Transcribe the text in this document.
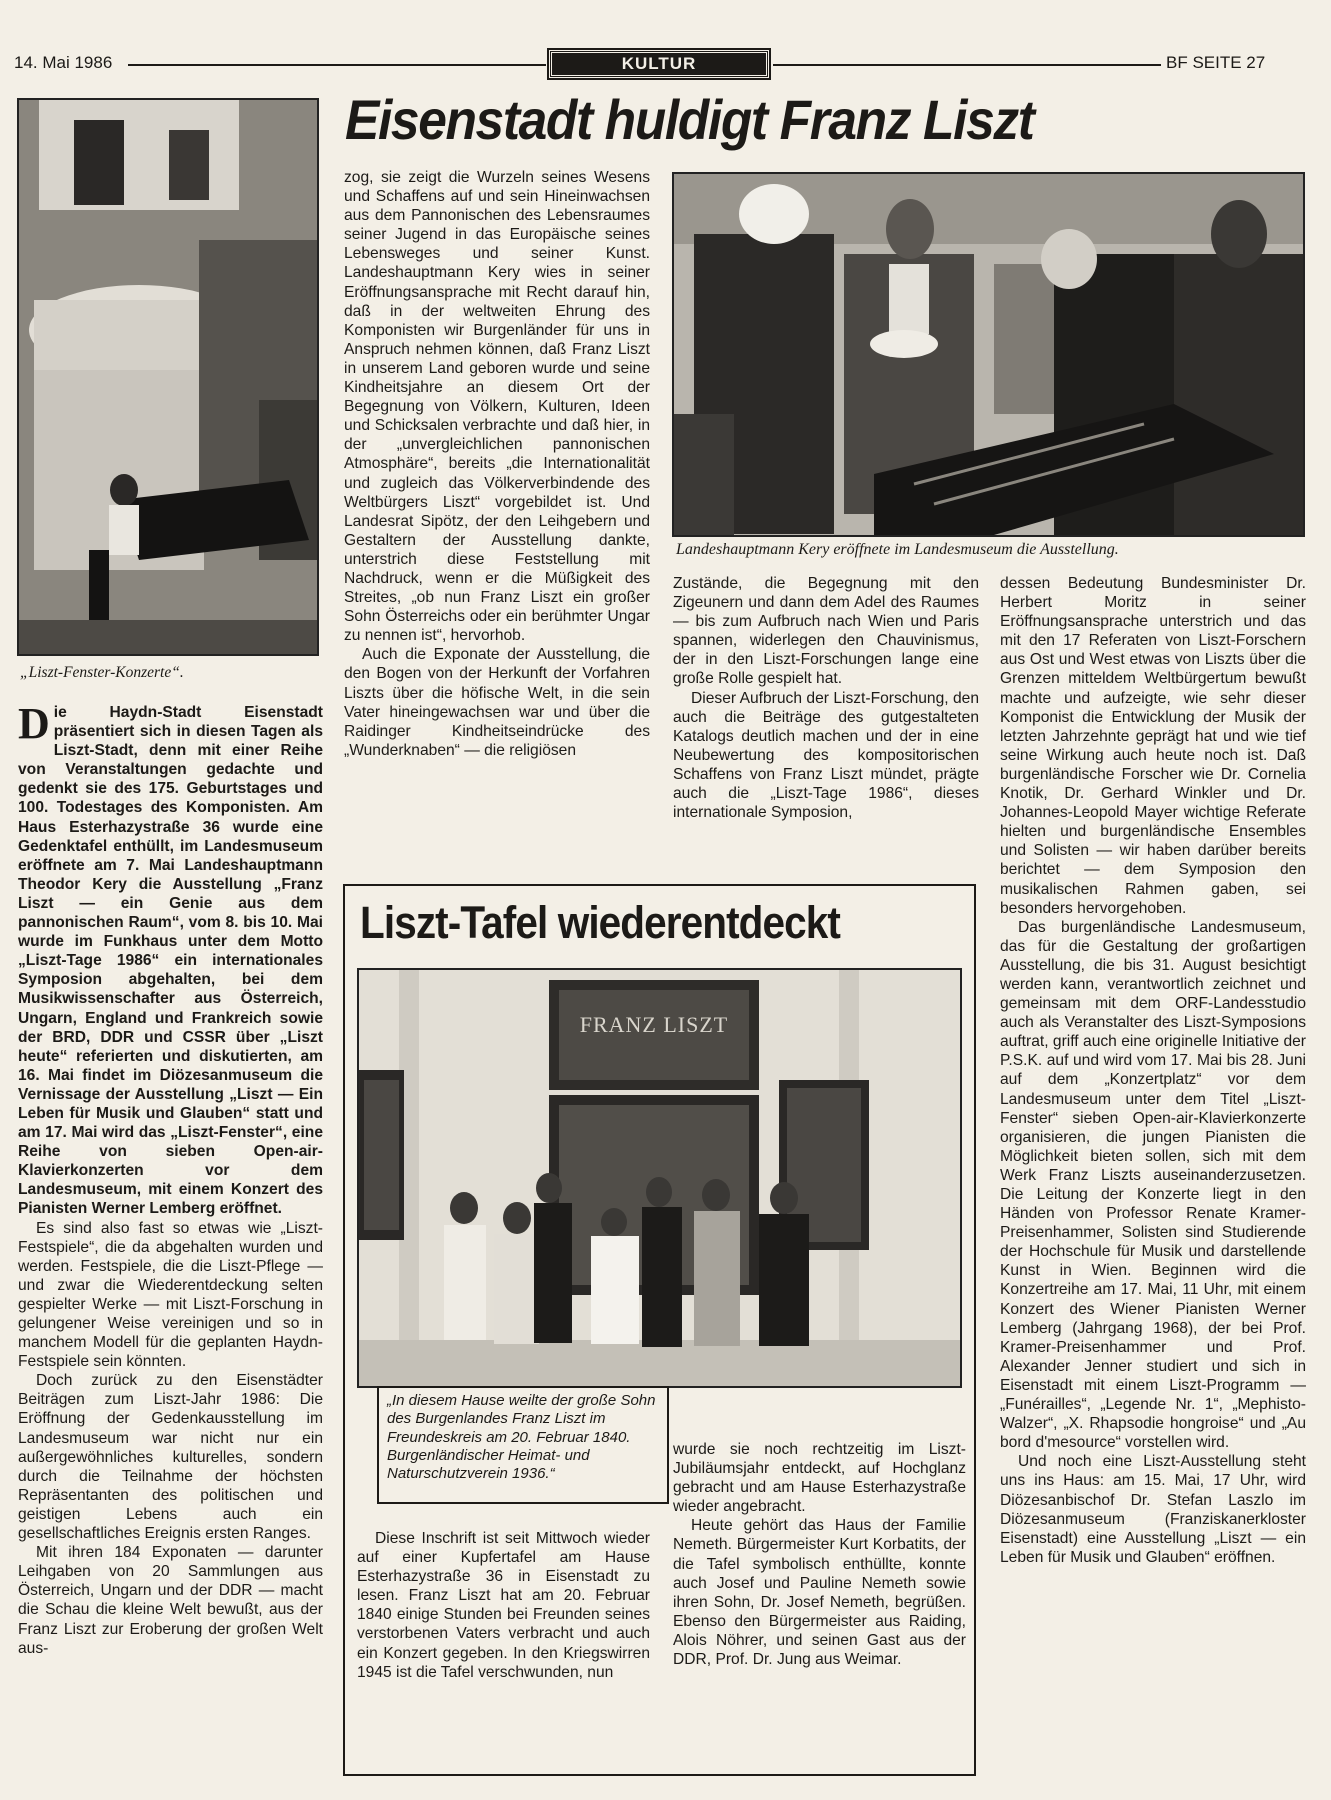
14. Mai 1986	KULTUR	BF SEITE 27
Eisenstadt huldigt Franz Liszt
„Liszt-Fenster-Konzerte“.
Landeshauptmann Kery eröffnete im Landesmuseum die Ausstellung.

Die Haydn-Stadt Eisenstadt präsentiert sich in diesen Tagen als Liszt-Stadt, denn mit einer Reihe von Veranstaltungen gedachte und gedenkt sie des 175. Geburtstages und 100. Todestages des Komponisten. Am Haus Esterhazystraße 36 wurde eine Gedenktafel enthüllt, im Landesmuseum eröffnete am 7. Mai Landeshauptmann Theodor Kery die Ausstellung „Franz Liszt — ein Genie aus dem pannonischen Raum“, vom 8. bis 10. Mai wurde im Funkhaus unter dem Motto „Liszt-Tage 1986“ ein internationales Symposion abgehalten, bei dem Musikwissenschafter aus Österreich, Ungarn, England und Frankreich sowie der BRD, DDR und CSSR über „Liszt heute“ referierten und diskutierten, am 16. Mai findet im Diözesanmuseum die Vernissage der Ausstellung „Liszt — Ein Leben für Musik und Glauben“ statt und am 17. Mai wird das „Liszt-Fenster“, eine Reihe von sieben Open-air-Klavierkonzerten vor dem Landesmuseum, mit einem Konzert des Pianisten Werner Lemberg eröffnet.

Es sind also fast so etwas wie „Liszt-Festspiele“, die da abgehalten wurden und werden. Festspiele, die die Liszt-Pflege — und zwar die Wiederentdeckung selten gespielter Werke — mit Liszt-Forschung in gelungener Weise vereinigen und so in manchem Modell für die geplanten Haydn-Festspiele sein könnten.

Doch zurück zu den Eisenstädter Beiträgen zum Liszt-Jahr 1986: Die Eröffnung der Gedenkausstellung im Landesmuseum war nicht nur ein außergewöhnliches kulturelles, sondern durch die Teilnahme der höchsten Repräsentanten des politischen und geistigen Lebens auch ein gesellschaftliches Ereignis ersten Ranges.

Mit ihren 184 Exponaten — darunter Leihgaben von 20 Sammlungen aus Österreich, Ungarn und der DDR — macht die Schau die kleine Welt bewußt, aus der Franz Liszt zur Eroberung der großen Welt aus-

zog, sie zeigt die Wurzeln seines Wesens und Schaffens auf und sein Hineinwachsen aus dem Pannonischen des Lebensraumes seiner Jugend in das Europäische seines Lebensweges und seiner Kunst. Landeshauptmann Kery wies in seiner Eröffnungsansprache mit Recht darauf hin, daß in der weltweiten Ehrung des Komponisten wir Burgenländer für uns in Anspruch nehmen können, daß Franz Liszt in unserem Land geboren wurde und seine Kindheitsjahre an diesem Ort der Begegnung von Völkern, Kulturen, Ideen und Schicksalen verbrachte und daß hier, in der „unvergleichlichen pannonischen Atmosphäre“, bereits „die Internationalität und zugleich das Völkerverbindende des Weltbürgers Liszt“ vorgebildet ist. Und Landesrat Sipötz, der den Leihgebern und Gestaltern der Ausstellung dankte, unterstrich diese Feststellung mit Nachdruck, wenn er die Müßigkeit des Streites, „ob nun Franz Liszt ein großer Sohn Österreichs oder ein berühmter Ungar zu nennen ist“, hervorhob.

Auch die Exponate der Ausstellung, die den Bogen von der Herkunft der Vorfahren Liszts über die höfische Welt, in die sein Vater hineingewachsen war und über die Raidinger Kindheitseindrücke des „Wunderknaben“ — die religiösen

Zustände, die Begegnung mit den Zigeunern und dann dem Adel des Raumes — bis zum Aufbruch nach Wien und Paris spannen, widerlegen den Chauvinismus, der in den Liszt-Forschungen lange eine große Rolle gespielt hat.

Dieser Aufbruch der Liszt-Forschung, den auch die Beiträge des gutgestalteten Katalogs deutlich machen und der in eine Neubewertung des kompositorischen Schaffens von Franz Liszt mündet, prägte auch die „Liszt-Tage 1986“, dieses internationale Symposion,

dessen Bedeutung Bundesminister Dr. Herbert Moritz in seiner Eröffnungsansprache unterstrich und das mit den 17 Referaten von Liszt-Forschern aus Ost und West etwas von Liszts über die Grenzen mitteldem Weltbürgertum bewußt machte und aufzeigte, wie sehr dieser Komponist die Entwicklung der Musik der letzten Jahrzehnte geprägt hat und wie tief seine Wirkung auch heute noch ist. Daß burgenländische Forscher wie Dr. Cornelia Knotik, Dr. Gerhard Winkler und Dr. Johannes-Leopold Mayer wichtige Referate hielten und burgenländische Ensembles und Solisten — wir haben darüber bereits berichtet — dem Symposion den musikalischen Rahmen gaben, sei besonders hervorgehoben.

Das burgenländische Landesmuseum, das für die Gestaltung der großartigen Ausstellung, die bis 31. August besichtigt werden kann, verantwortlich zeichnet und gemeinsam mit dem ORF-Landesstudio auch als Veranstalter des Liszt-Symposions auftrat, griff auch eine originelle Initiative der P.S.K. auf und wird vom 17. Mai bis 28. Juni auf dem „Konzertplatz“ vor dem Landesmuseum unter dem Titel „Liszt-Fenster“ sieben Open-air-Klavierkonzerte organisieren, die jungen Pianisten die Möglichkeit bieten sollen, sich mit dem Werk Franz Liszts auseinanderzusetzen. Die Leitung der Konzerte liegt in den Händen von Professor Renate Kramer-Preisenhammer, Solisten sind Studierende der Hochschule für Musik und darstellende Kunst in Wien. Beginnen wird die Konzertreihe am 17. Mai, 11 Uhr, mit einem Konzert des Wiener Pianisten Werner Lemberg (Jahrgang 1968), der bei Prof. Kramer-Preisenhammer und Prof. Alexander Jenner studiert und sich in Eisenstadt mit einem Liszt-Programm — „Funérailles“, „Legende Nr. 1“, „Mephisto-Walzer“, „X. Rhapsodie hongroise“ und „Au bord d'mesource“ vorstellen wird.

Und noch eine Liszt-Ausstellung steht uns ins Haus: am 15. Mai, 17 Uhr, wird Diözesanbischof Dr. Stefan Laszlo im Diözesanmuseum (Franziskanerkloster Eisenstadt) eine Ausstellung „Liszt — ein Leben für Musik und Glauben“ eröffnen.

Liszt-Tafel wiederentdeckt
FRANZ LISZT
„In diesem Hause weilte der große Sohn des Burgenlandes Franz Liszt im Freundeskreis am 20. Februar 1840. Burgenländischer Heimat- und Naturschutzverein 1936.“

Diese Inschrift ist seit Mittwoch wieder auf einer Kupfertafel am Hause Esterhazystraße 36 in Eisenstadt zu lesen. Franz Liszt hat am 20. Februar 1840 einige Stunden bei Freunden seines verstorbenen Vaters verbracht und auch ein Konzert gegeben. In den Kriegswirren 1945 ist die Tafel verschwunden, nun

wurde sie noch rechtzeitig im Liszt-Jubiläumsjahr entdeckt, auf Hochglanz gebracht und am Hause Esterhazystraße wieder angebracht.

Heute gehört das Haus der Familie Nemeth. Bürgermeister Kurt Korbatits, der die Tafel symbolisch enthüllte, konnte auch Josef und Pauline Nemeth sowie ihren Sohn, Dr. Josef Nemeth, begrüßen. Ebenso den Bürgermeister aus Raiding, Alois Nöhrer, und seinen Gast aus der DDR, Prof. Dr. Jung aus Weimar.
